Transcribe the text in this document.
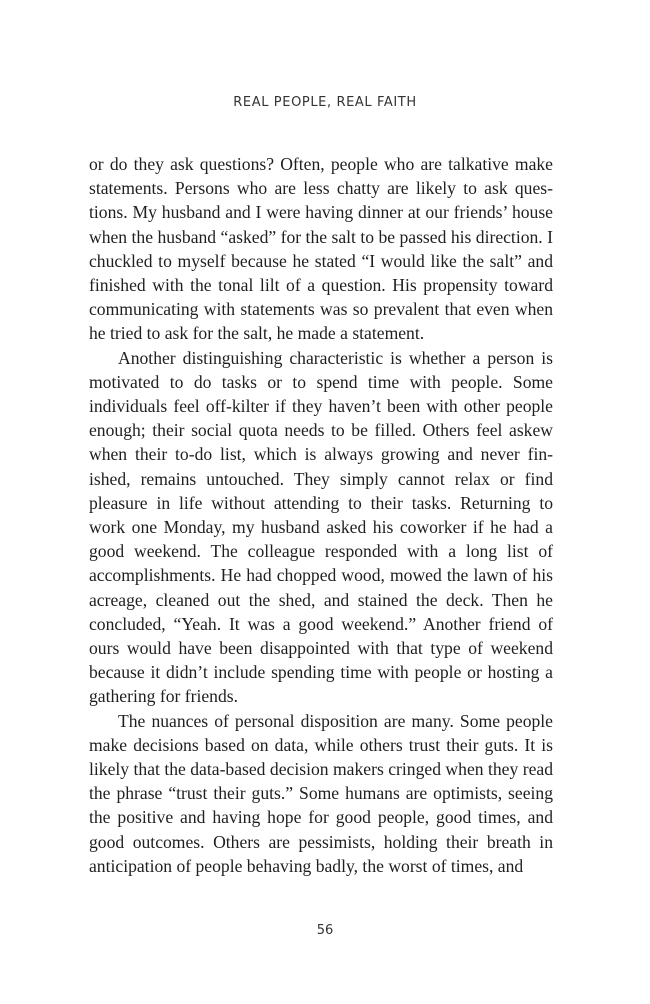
REAL PEOPLE, REAL FAITH

or do they ask questions? Often, people who are talkative make statements. Persons who are less chatty are likely to ask questions. My husband and I were having dinner at our friends’ house when the husband “asked” for the salt to be passed his direction. I chuckled to myself because he stated “I would like the salt” and finished with the tonal lilt of a question. His propensity toward communicating with statements was so prevalent that even when he tried to ask for the salt, he made a statement.

Another distinguishing characteristic is whether a person is motivated to do tasks or to spend time with people. Some individuals feel off-kilter if they haven’t been with other people enough; their social quota needs to be filled. Others feel askew when their to-do list, which is always growing and never finished, remains untouched. They simply cannot relax or find pleasure in life without attending to their tasks. Returning to work one Monday, my husband asked his coworker if he had a good weekend. The colleague responded with a long list of accomplishments. He had chopped wood, mowed the lawn of his acreage, cleaned out the shed, and stained the deck. Then he concluded, “Yeah. It was a good weekend.” Another friend of ours would have been disappointed with that type of weekend because it didn’t include spending time with people or hosting a gathering for friends.

The nuances of personal disposition are many. Some people make decisions based on data, while others trust their guts. It is likely that the data-based decision makers cringed when they read the phrase “trust their guts.” Some humans are optimists, seeing the positive and having hope for good people, good times, and good outcomes. Others are pessimists, holding their breath in anticipation of people behaving badly, the worst of times, and

56
